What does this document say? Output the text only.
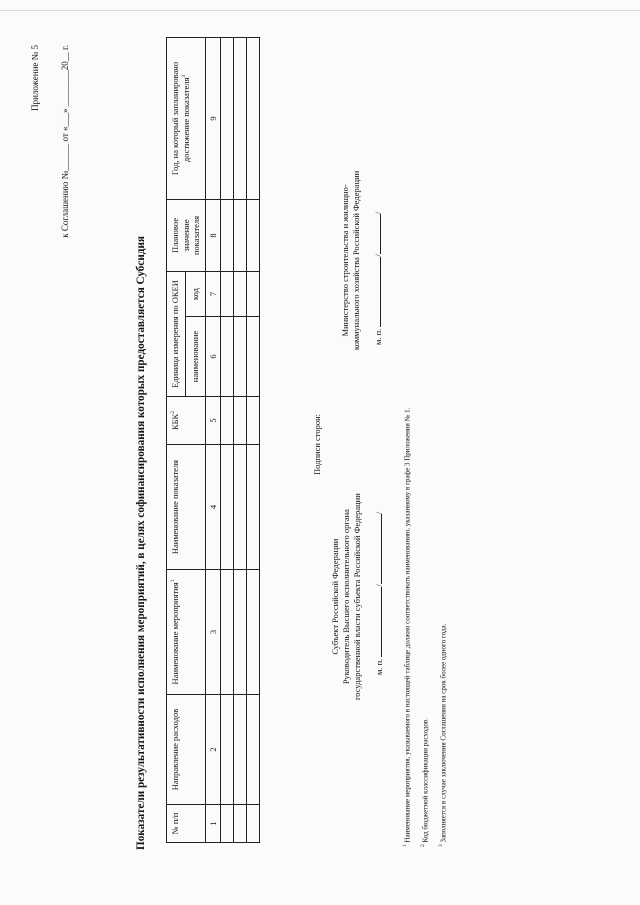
Приложение № 5 к Соглашению №______ от «___» ________20__ г.
Показатели результативности исполнения мероприятий, в целях софинансирования которых предоставляется Субсидия	№ п/п	Направление расходов	Наименование мероприятия$^1$	Наименование показателя	КБК$^2$	Единица измерения по ОКЕИ		Плановое значение показателя	Год, на который запланировано достижение показателя$^3$
					наименование	код		
1	2	3	4	5	6	7	8	9

Подписи сторон:
Субъект Российской Федерации Руководитель Высшего исполнительного органа государственной власти субъекта Российской Федерации м. п. //
Министерство строительства и жилищно- коммунального хозяйства Российской Федерации м. п. //
$^1$ Наименование мероприятия, указываемого в настоящей таблице должно соответствовать наименованию, указанному в графе 3 Приложения № 1.
$^2$ Код бюджетной классификации расходов.
$^3$ Заполняется в случае заключения Соглашения на срок более одного года.
